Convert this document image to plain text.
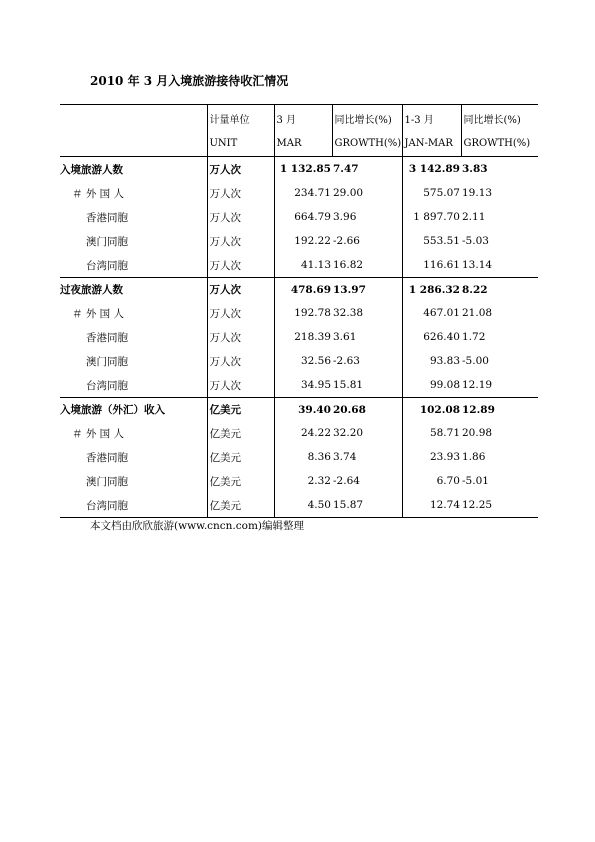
2010 年 3 月入境旅游接待收汇情况
	计量单位	3 月	同比增长(%)	1-3 月	同比增长(%)
	UNIT	MAR	GROWTH(%)	JAN-MAR	GROWTH(%)
入境旅游人数	万人次	1 132.85	7.47	3 142.89	3.83
＃ 外 国 人	万人次	234.71	29.00	575.07	19.13
香港同胞	万人次	664.79	3.96	1 897.70	2.11
澳门同胞	万人次	192.22	-2.66	553.51	-5.03
台湾同胞	万人次	41.13	16.82	116.61	13.14
过夜旅游人数	万人次	478.69	13.97	1 286.32	8.22
＃ 外 国 人	万人次	192.78	32.38	467.01	21.08
香港同胞	万人次	218.39	3.61	626.40	1.72
澳门同胞	万人次	32.56	-2.63	93.83	-5.00
台湾同胞	万人次	34.95	15.81	99.08	12.19
入境旅游（外汇）收入	亿美元	39.40	20.68	102.08	12.89
＃ 外 国 人	亿美元	24.22	32.20	58.71	20.98
香港同胞	亿美元	8.36	3.74	23.93	1.86
澳门同胞	亿美元	2.32	-2.64	6.70	-5.01
台湾同胞	亿美元	4.50	15.87	12.74	12.25
本文档由欣欣旅游(www.cncn.com)编辑整理
